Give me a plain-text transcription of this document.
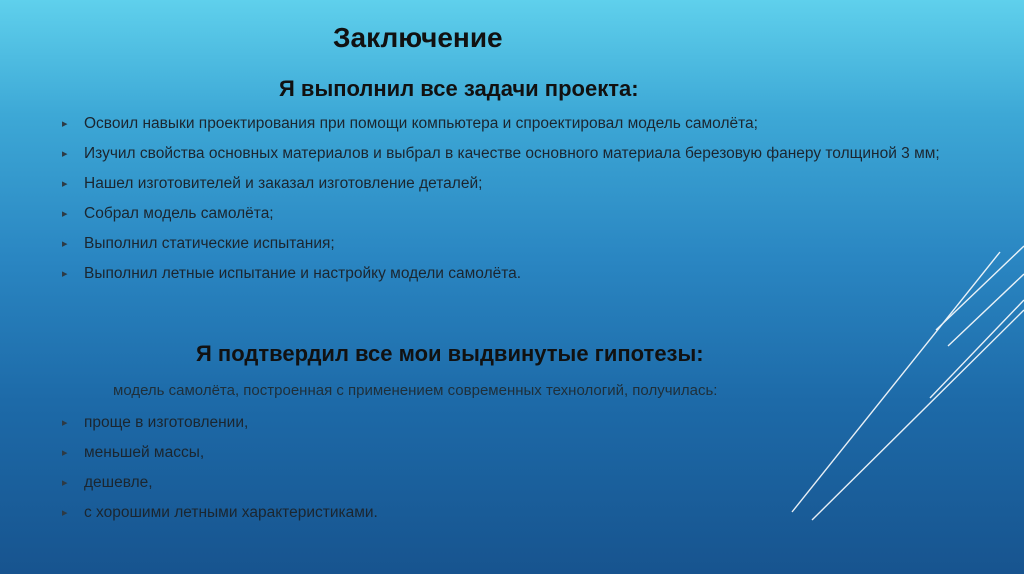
Заключение
Я выполнил все задачи проекта:
▸ Освоил навыки проектирования при помощи компьютера и спроектировал модель самолёта;
▸ Изучил свойства основных материалов и выбрал в качестве основного материала березовую фанеру толщиной 3 мм;
▸ Нашел изготовителей и заказал изготовление деталей;
▸ Собрал модель самолёта;
▸ Выполнил статические испытания;
▸ Выполнил летные испытание и настройку модели самолёта.
Я подтвердил все мои выдвинутые гипотезы:
модель самолёта, построенная с применением современных технологий, получилась:
▸ проще в изготовлении,
▸ меньшей массы,
▸ дешевле,
▸ с хорошими летными характеристиками.
